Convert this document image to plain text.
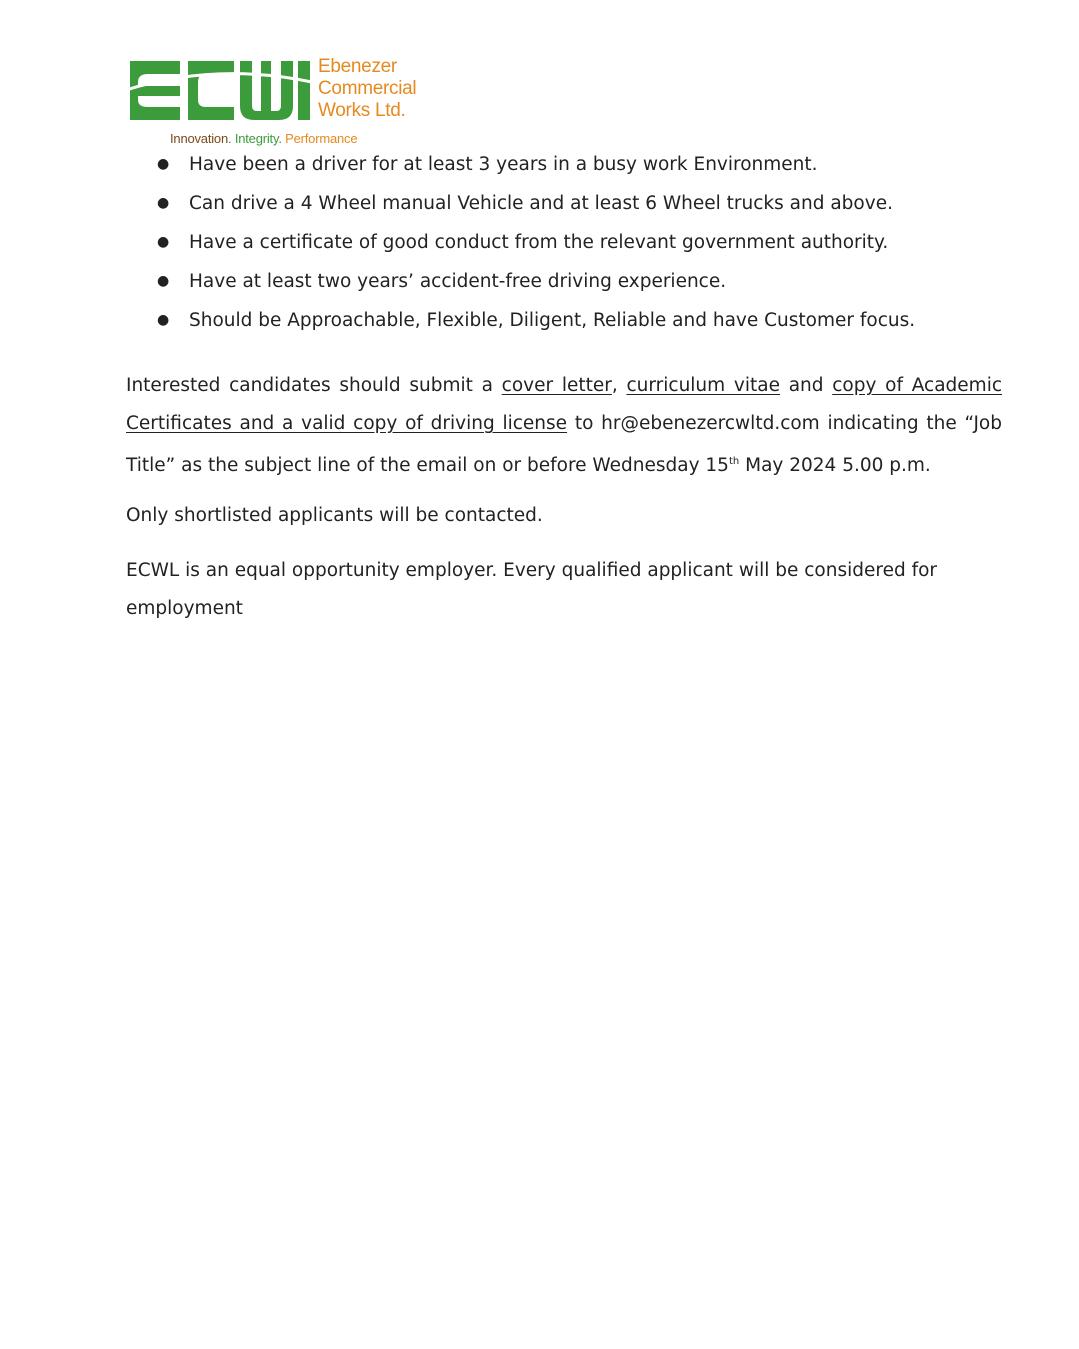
Ebenezer
Commercial
Works Ltd.
Innovation. Integrity. Performance
● Have been a driver for at least 3 years in a busy work Environment.
● Can drive a 4 Wheel manual Vehicle and at least 6 Wheel trucks and above.
● Have a certificate of good conduct from the relevant government authority.
● Have at least two years’ accident-free driving experience.
● Should be Approachable, Flexible, Diligent, Reliable and have Customer focus.

Interested candidates should submit a cover letter, curriculum vitae and copy of Academic Certificates and a valid copy of driving license to hr@ebenezercwltd.com indicating the “Job Title” as the subject line of the email on or before Wednesday 15th May 2024 5.00 p.m.

Only shortlisted applicants will be contacted.

ECWL is an equal opportunity employer. Every qualified applicant will be considered for employment
